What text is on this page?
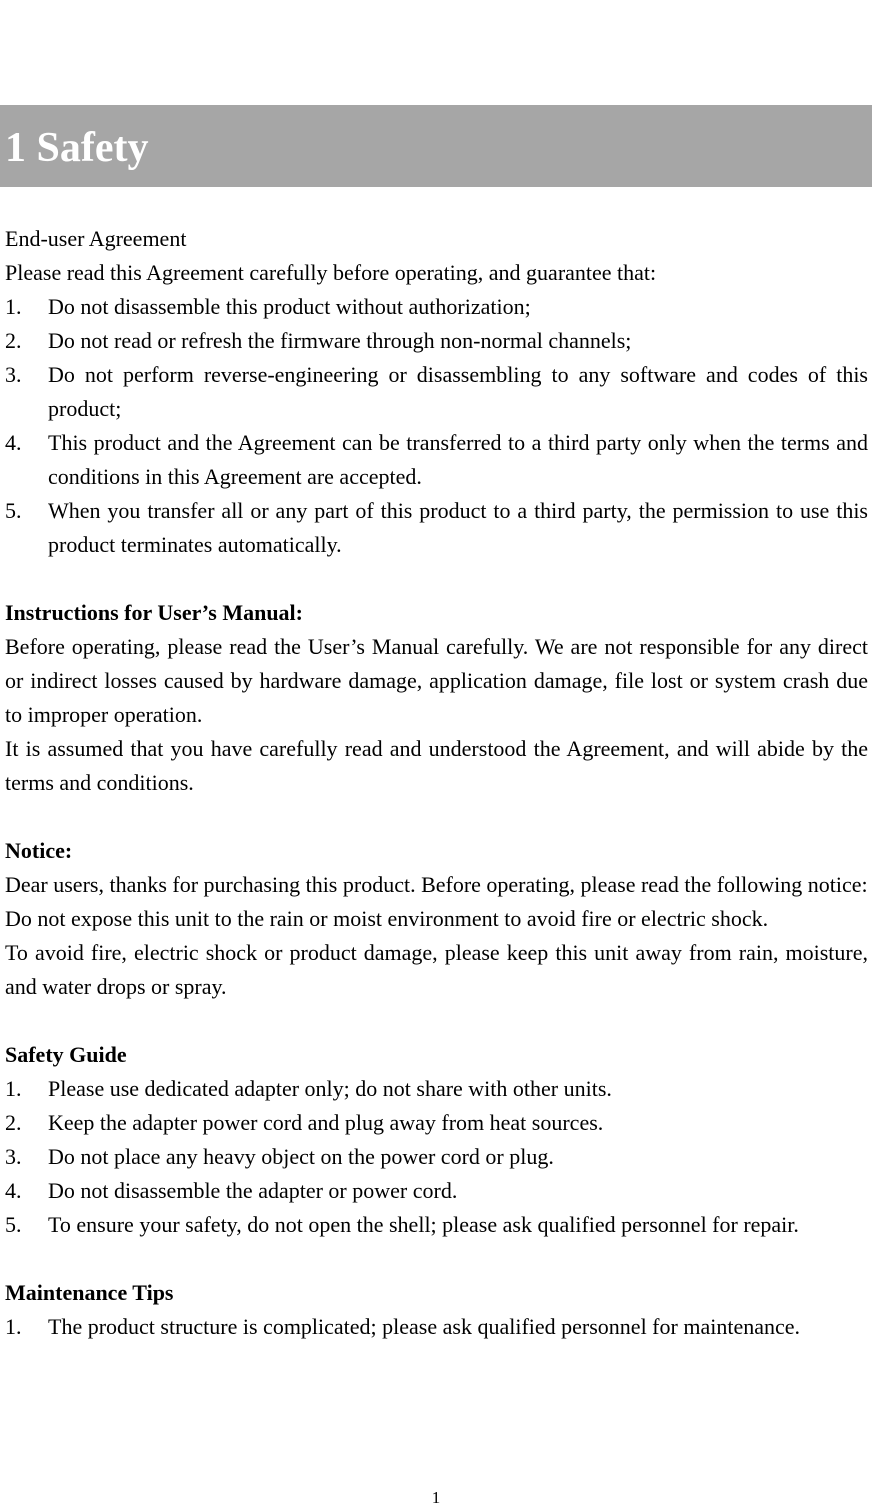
1 Safety

End-user Agreement

Please read this Agreement carefully before operating, and guarantee that:

1. Do not disassemble this product without authorization;
2. Do not read or refresh the firmware through non-normal channels;
3. Do not perform reverse-engineering or disassembling to any software and codes of this product;
4. This product and the Agreement can be transferred to a third party only when the terms and conditions in this Agreement are accepted.
5. When you transfer all or any part of this product to a third party, the permission to use this product terminates automatically.
Instructions for User’s Manual:

Before operating, please read the User’s Manual carefully. We are not responsible for any direct or indirect losses caused by hardware damage, application damage, file lost or system crash due to improper operation.

It is assumed that you have carefully read and understood the Agreement, and will abide by the terms and conditions.

Notice:

Dear users, thanks for purchasing this product. Before operating, please read the following notice:

Do not expose this unit to the rain or moist environment to avoid fire or electric shock.

To avoid fire, electric shock or product damage, please keep this unit away from rain, moisture, and water drops or spray.

Safety Guide
1. Please use dedicated adapter only; do not share with other units.
2. Keep the adapter power cord and plug away from heat sources.
3. Do not place any heavy object on the power cord or plug.
4. Do not disassemble the adapter or power cord.
5. To ensure your safety, do not open the shell; please ask qualified personnel for repair.
Maintenance Tips
1. The product structure is complicated; please ask qualified personnel for maintenance.
1
